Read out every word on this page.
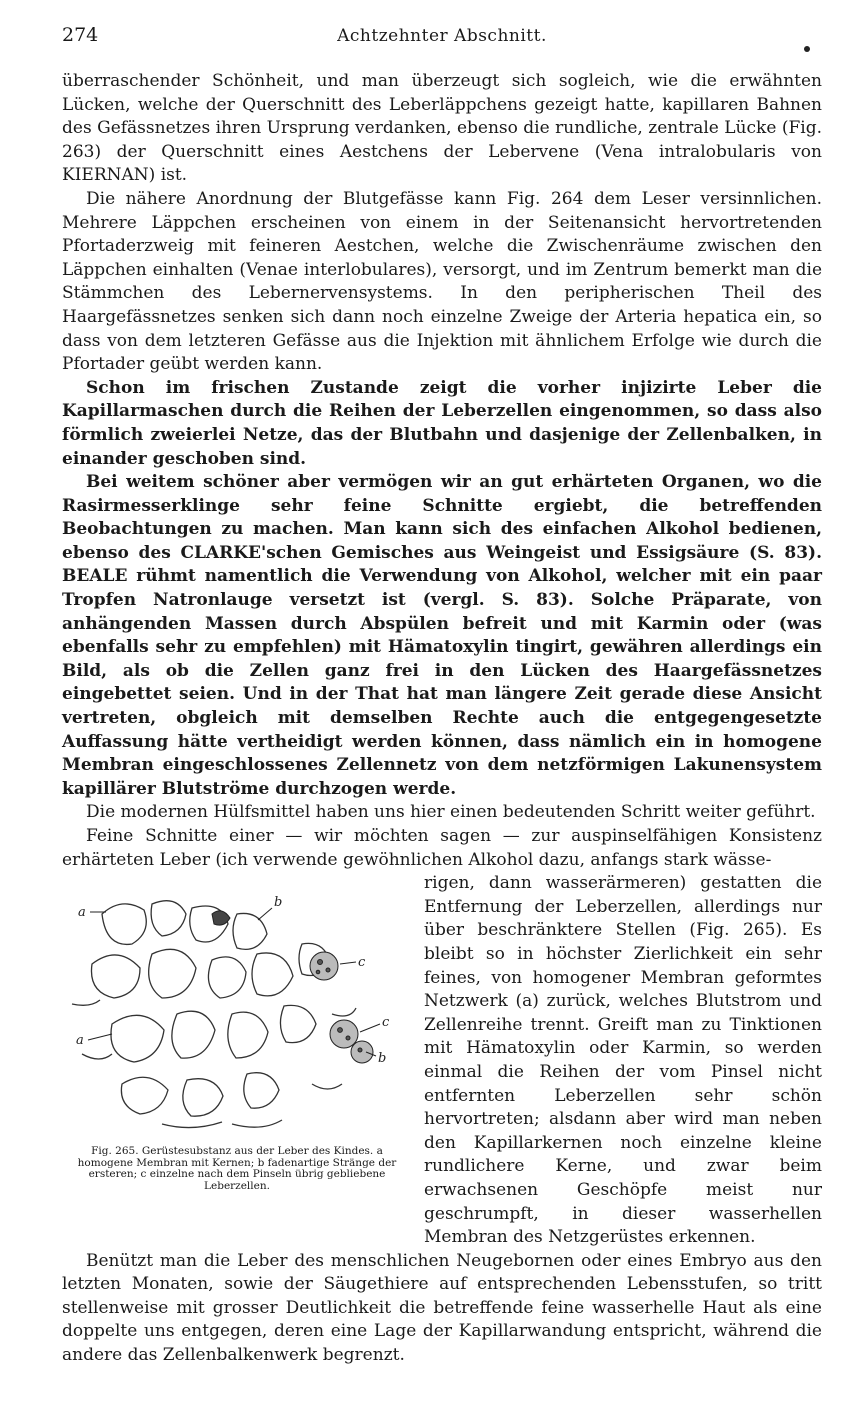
274	Achtzehnter Abschnitt.

überraschender Schönheit, und man überzeugt sich sogleich, wie die erwähnten Lücken, welche der Querschnitt des Leberläppchens gezeigt hatte, kapillaren Bahnen des Gefässnetzes ihren Ursprung verdanken, ebenso die rundliche, zentrale Lücke (Fig. 263) der Querschnitt eines Aestchens der Lebervene (Vena intralobularis von KIERNAN) ist.

Die nähere Anordnung der Blutgefässe kann Fig. 264 dem Leser versinnlichen. Mehrere Läppchen erscheinen von einem in der Seitenansicht hervortretenden Pfortaderzweig mit feineren Aestchen, welche die Zwischenräume zwischen den Läppchen einhalten (Venae interlobulares), versorgt, und im Zentrum bemerkt man die Stämmchen des Lebernervensystems. In den peripherischen Theil des Haargefässnetzes senken sich dann noch einzelne Zweige der Arteria hepatica ein, so dass von dem letzteren Gefässe aus die Injektion mit ähnlichem Erfolge wie durch die Pfortader geübt werden kann.

Schon im frischen Zustande zeigt die vorher injizirte Leber die Kapillarmaschen durch die Reihen der Leberzellen eingenommen, so dass also förmlich zweierlei Netze, das der Blutbahn und dasjenige der Zellenbalken, in einander geschoben sind.

Bei weitem schöner aber vermögen wir an gut erhärteten Organen, wo die Rasirmesserklinge sehr feine Schnitte ergiebt, die betreffenden Beobachtungen zu machen. Man kann sich des einfachen Alkohol bedienen, ebenso des CLARKE'schen Gemisches aus Weingeist und Essigsäure (S. 83). BEALE rühmt namentlich die Verwendung von Alkohol, welcher mit ein paar Tropfen Natronlauge versetzt ist (vergl. S. 83). Solche Präparate, von anhängenden Massen durch Abspülen befreit und mit Karmin oder (was ebenfalls sehr zu empfehlen) mit Hämatoxylin tingirt, gewähren allerdings ein Bild, als ob die Zellen ganz frei in den Lücken des Haargefässnetzes eingebettet seien. Und in der That hat man längere Zeit gerade diese Ansicht vertreten, obgleich mit demselben Rechte auch die entgegengesetzte Auffassung hätte vertheidigt werden können, dass nämlich ein in homogene Membran eingeschlossenes Zellennetz von dem netzförmigen Lakunensystem kapillärer Blutströme durchzogen werde.

Die modernen Hülfsmittel haben uns hier einen bedeutenden Schritt weiter geführt.

Feine Schnitte einer — wir möchten sagen — zur auspinselfähigen Konsistenz erhärteten Leber (ich verwende gewöhnlichen Alkohol dazu, anfangs stark wässe-

a
b
c
c
b
a
Fig. 265. Gerüstesubstanz aus der Leber des Kindes. a homogene Membran mit Kernen; b fadenartige Stränge der ersteren; c einzelne nach dem Pinseln übrig gebliebene Leberzellen.

rigen, dann wasserärmeren) gestatten die Entfernung der Leberzellen, allerdings nur über beschränktere Stellen (Fig. 265). Es bleibt so in höchster Zierlichkeit ein sehr feines, von homogener Membran geformtes Netzwerk (a) zurück, welches Blutstrom und Zellenreihe trennt. Greift man zu Tinktionen mit Hämatoxylin oder Karmin, so werden einmal die Reihen der vom Pinsel nicht entfernten Leberzellen sehr schön hervortreten; alsdann aber wird man neben den Kapillarkernen noch einzelne kleine rundlichere Kerne, und zwar beim erwachsenen Geschöpfe meist nur geschrumpft, in dieser wasserhellen Membran des Netzgerüstes erkennen.

Benützt man die Leber des menschlichen Neugebornen oder eines Embryo aus den letzten Monaten, sowie der Säugethiere auf entsprechenden Lebensstufen, so tritt stellenweise mit grosser Deutlichkeit die betreffende feine wasserhelle Haut als eine doppelte uns entgegen, deren eine Lage der Kapillarwandung entspricht, während die andere das Zellenbalkenwerk begrenzt.
